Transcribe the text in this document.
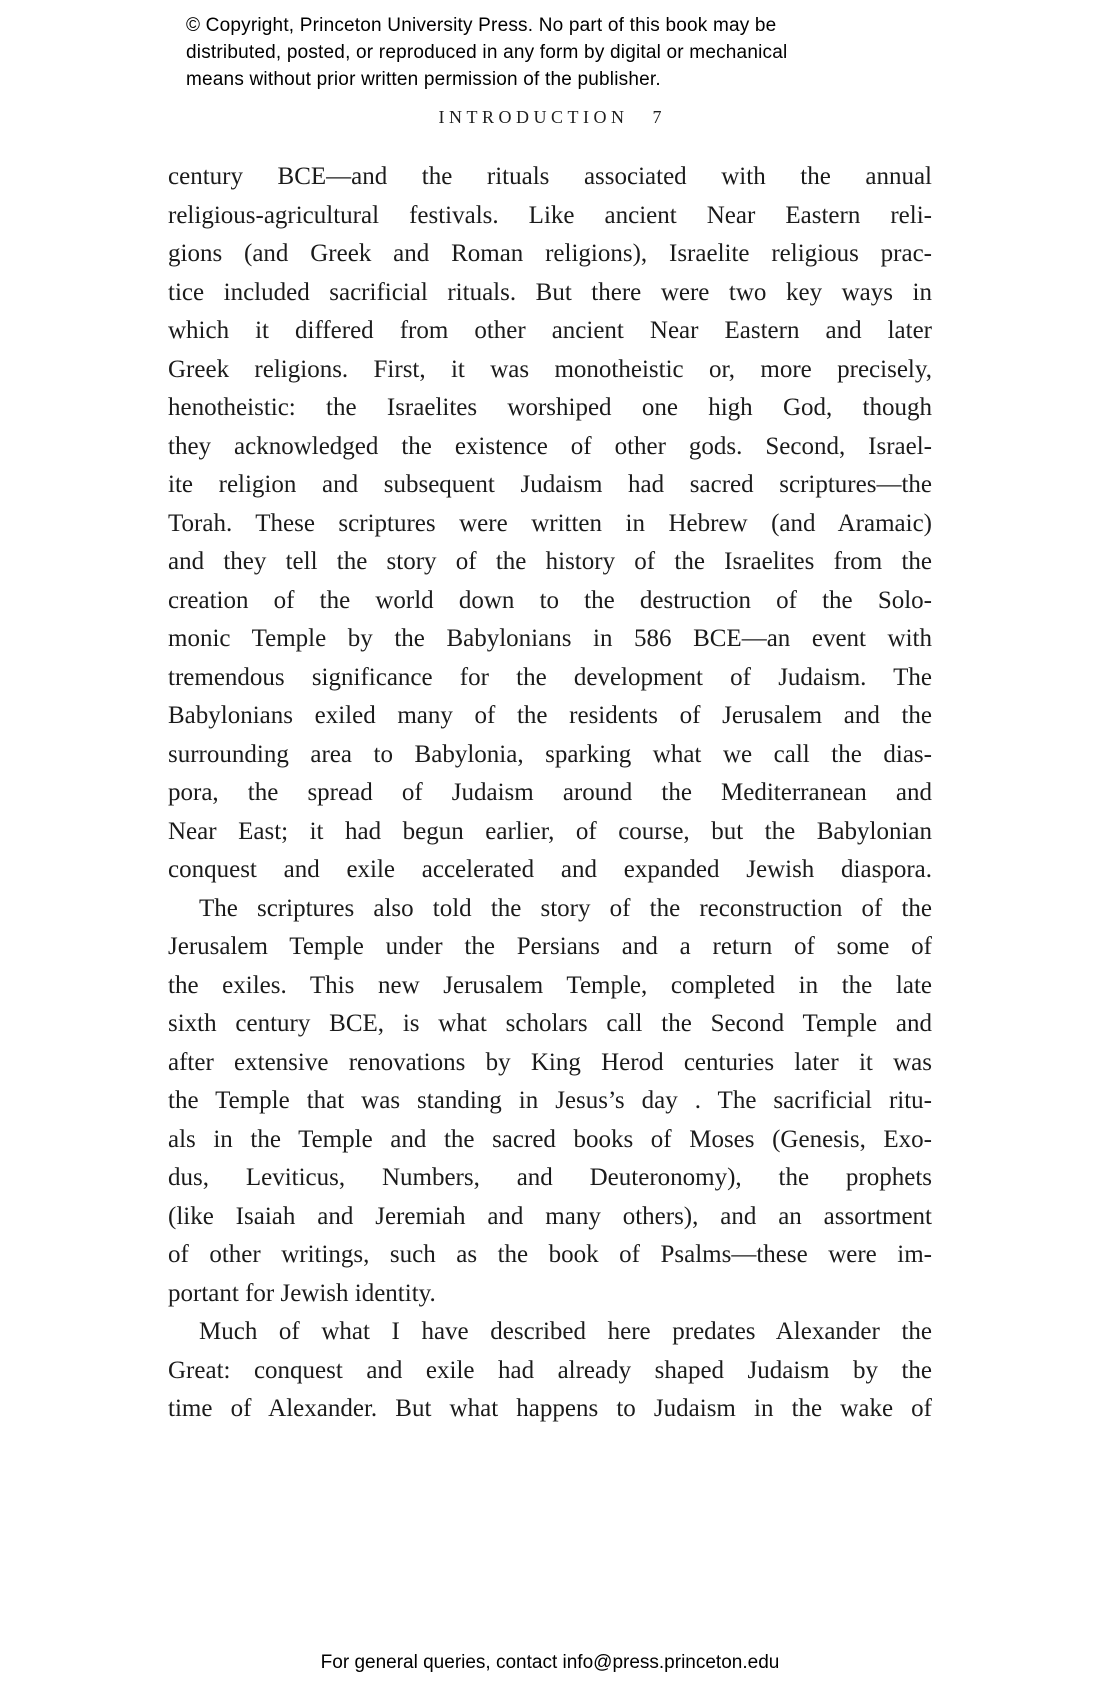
© Copyright, Princeton University Press. No part of this book may be
distributed, posted, or reproduced in any form by digital or mechanical
means without prior written permission of the publisher.
INTRODUCTION 7
century BCE—and the rituals associated with the annual
religious-agricultural festivals. Like ancient Near Eastern reli-
gions (and Greek and Roman religions), Israelite religious prac-
tice included sacrificial rituals. But there were two key ways in
which it differed from other ancient Near Eastern and later
Greek religions. First, it was monotheistic or, more precisely,
henotheistic: the Israelites worshiped one high God, though
they acknowledged the existence of other gods. Second, Israel-
ite religion and subsequent Judaism had sacred scriptures—the
Torah. These scriptures were written in Hebrew (and Aramaic)
and they tell the story of the history of the Israelites from the
creation of the world down to the destruction of the Solo-
monic Temple by the Babylonians in 586 BCE—an event with
tremendous significance for the development of Judaism. The
Babylonians exiled many of the residents of Jerusalem and the
surrounding area to Babylonia, sparking what we call the dias-
pora, the spread of Judaism around the Mediterranean and
Near East; it had begun earlier, of course, but the Babylonian
conquest and exile accelerated and expanded Jewish diaspora.
The scriptures also told the story of the reconstruction of the
Jerusalem Temple under the Persians and a return of some of
the exiles. This new Jerusalem Temple, completed in the late
sixth century BCE, is what scholars call the Second Temple and
after extensive renovations by King Herod centuries later it was
the Temple that was standing in Jesus’s day . The sacrificial ritu-
als in the Temple and the sacred books of Moses (Genesis, Exo-
dus, Leviticus, Numbers, and Deuteronomy), the prophets
(like Isaiah and Jeremiah and many others), and an assortment
of other writings, such as the book of Psalms—these were im-
portant for Jewish identity.
Much of what I have described here predates Alexander the
Great: conquest and exile had already shaped Judaism by the
time of Alexander. But what happens to Judaism in the wake of
For general queries, contact info@press.princeton.edu
